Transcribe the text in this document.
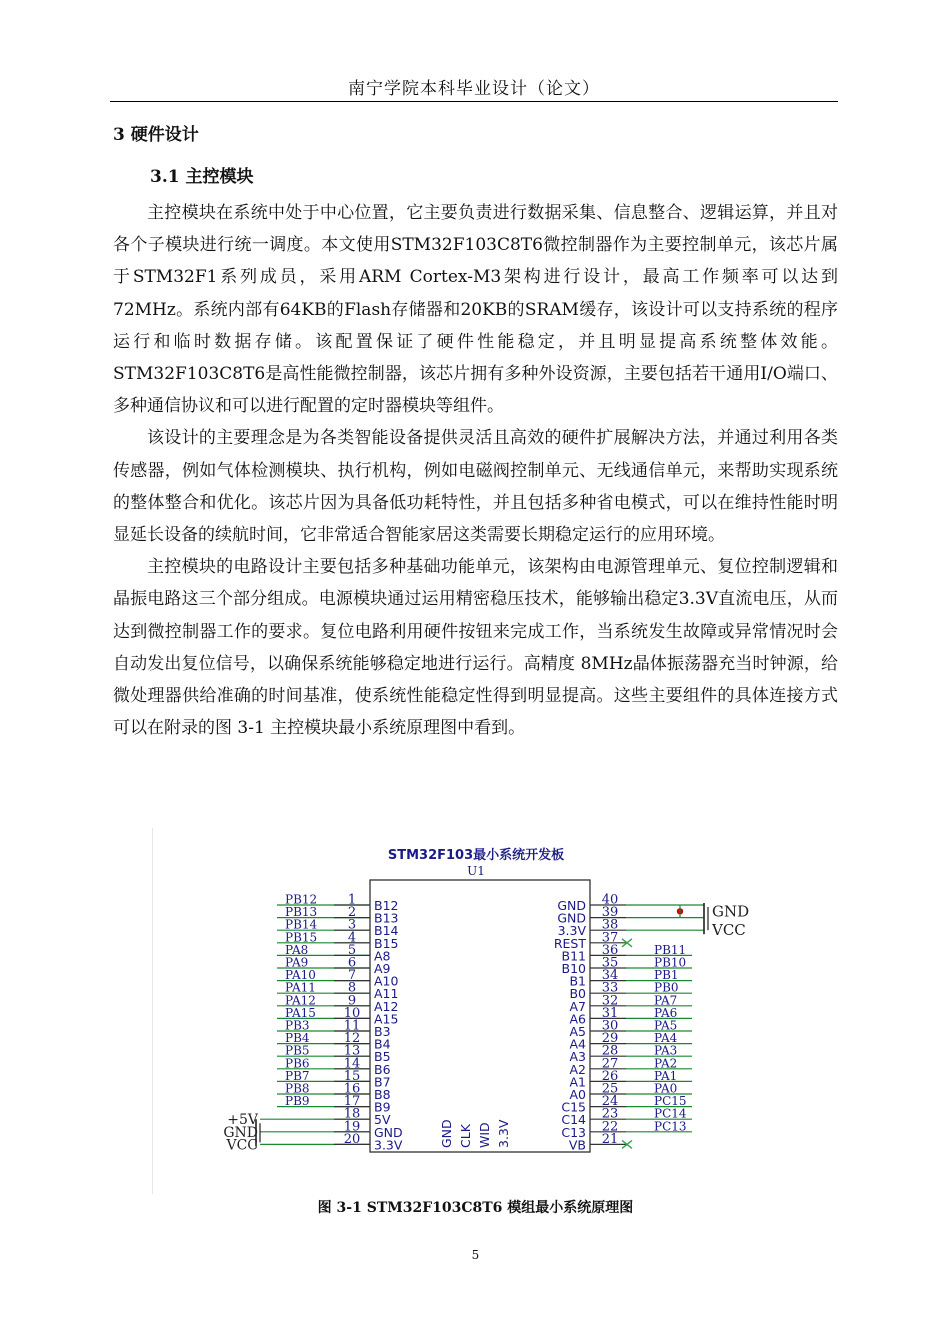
南宁学院本科毕业设计（论文）
3 硬件设计
3.1 主控模块

主控模块在系统中处于中心位置，它主要负责进行数据采集、信息整合、逻辑运算，并且对各个子模块进行统一调度。本文使用STM32F103C8T6微控制器作为主要控制单元，该芯片属于STM32F1系列成员，采用ARM Cortex-M3架构进行设计，最高工作频率可以达到72MHz。系统内部有64KB的Flash存储器和20KB的SRAM缓存，该设计可以支持系统的程序运行和临时数据存储。该配置保证了硬件性能稳定，并且明显提高系统整体效能。STM32F103C8T6是高性能微控制器，该芯片拥有多种外设资源，主要包括若干通用I/O端口、多种通信协议和可以进行配置的定时器模块等组件。

该设计的主要理念是为各类智能设备提供灵活且高效的硬件扩展解决方法，并通过利用各类传感器，例如气体检测模块、执行机构，例如电磁阀控制单元、无线通信单元，来帮助实现系统的整体整合和优化。该芯片因为具备低功耗特性，并且包括多种省电模式，可以在维持性能时明显延长设备的续航时间，它非常适合智能家居这类需要长期稳定运行的应用环境。

主控模块的电路设计主要包括多种基础功能单元，该架构由电源管理单元、复位控制逻辑和晶振电路这三个部分组成。电源模块通过运用精密稳压技术，能够输出稳定3.3V直流电压，从而达到微控制器工作的要求。复位电路利用硬件按钮来完成工作，当系统发生故障或异常情况时会自动发出复位信号，以确保系统能够稳定地进行运行。高精度 8MHz晶体振荡器充当时钟源，给微处理器供给准确的时间基准，使系统性能稳定性得到明显提高。这些主要组件的具体连接方式可以在附录的图 3-1 主控模块最小系统原理图中看到。

STM32F103最小系统开发板
U1
1 B12
PB12
2 B13
PB13
3 B14
PB14
4 B15
PB15
5 A8
PA8
6 A9
PA9
7 A10
PA10
8 A11
PA11
9 A12
PA12
10 A15
PA15
11 B3
PB3
12 B4
PB4
13 B5
PB5
14 B6
PB6
15 B7
PB7
16 B8
PB8
17 B9
PB9
18 5V
19 GND
20 3.3V
40
GND 39
GND 38
3.3V 37
REST 36
B11	PB11
35
B10	PB10
34
B1	PB1
33
B0	PB0
32
A7	PA7
31
A6	PA6
30
A5	PA5
29
A4	PA4
28
A3	PA3
27
A2	PA2
26
A1	PA1
25
A0	PA0
24
C15	PC15
23
C14	PC14
22
C13	PC13
21
VB
GND CLK WID 3.3V
+5V
GND
VCC
GND
VCC
图 3-1 STM32F103C8T6 模组最小系统原理图
5
